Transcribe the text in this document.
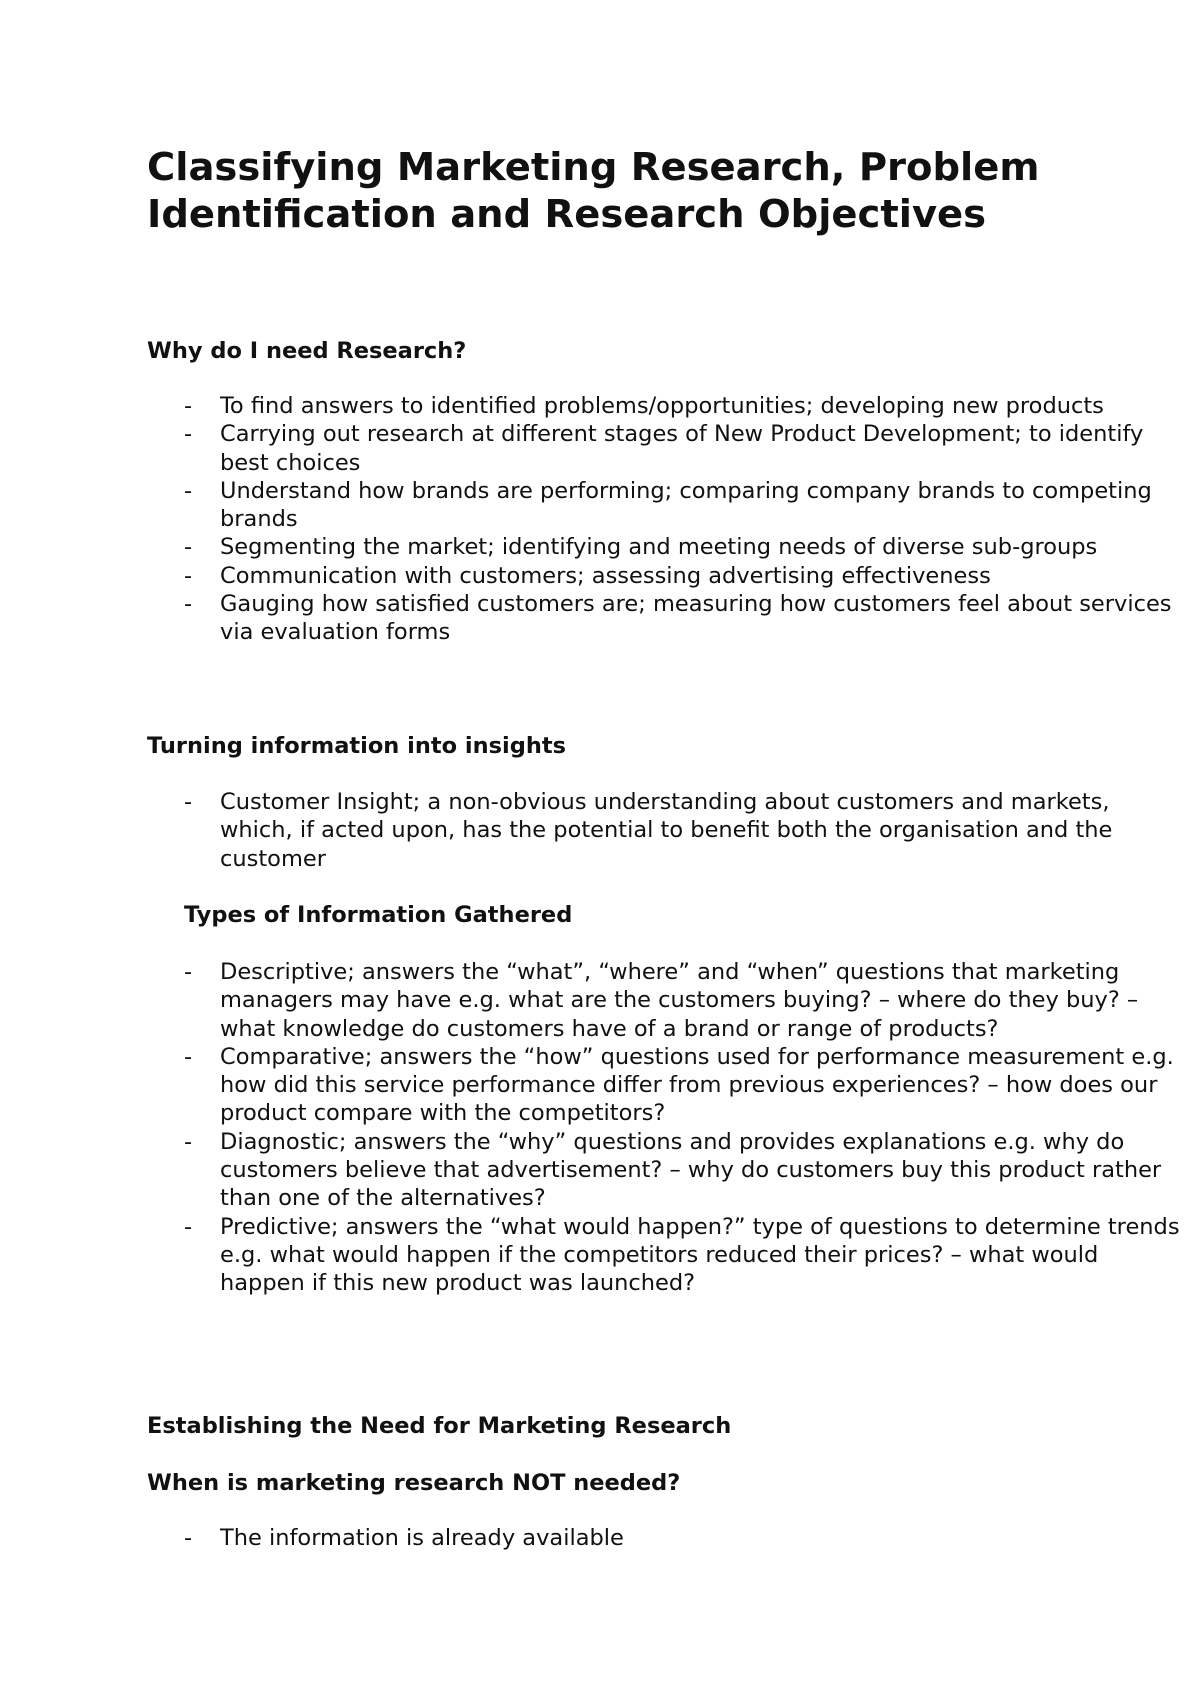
Classifying Marketing Research, Problem Identification and Research Objectives
Why do I need Research?
- To find answers to identified problems/opportunities; developing new products
- Carrying out research at different stages of New Product Development; to identify best choices
- Understand how brands are performing; comparing company brands to competing brands
- Segmenting the market; identifying and meeting needs of diverse sub-groups
- Communication with customers; assessing advertising effectiveness
- Gauging how satisfied customers are; measuring how customers feel about services via evaluation forms
Turning information into insights
- Customer Insight; a non-obvious understanding about customers and markets, which, if acted upon, has the potential to benefit both the organisation and the customer
Types of Information Gathered
- Descriptive; answers the “what”, “where” and “when” questions that marketing managers may have e.g. what are the customers buying? – where do they buy? – what knowledge do customers have of a brand or range of products?
- Comparative; answers the “how” questions used for performance measurement e.g. how did this service performance differ from previous experiences? – how does our product compare with the competitors?
- Diagnostic; answers the “why” questions and provides explanations e.g. why do customers believe that advertisement? – why do customers buy this product rather than one of the alternatives?
- Predictive; answers the “what would happen?” type of questions to determine trends e.g. what would happen if the competitors reduced their prices? – what would happen if this new product was launched?
Establishing the Need for Marketing Research
When is marketing research NOT needed?
- The information is already available
